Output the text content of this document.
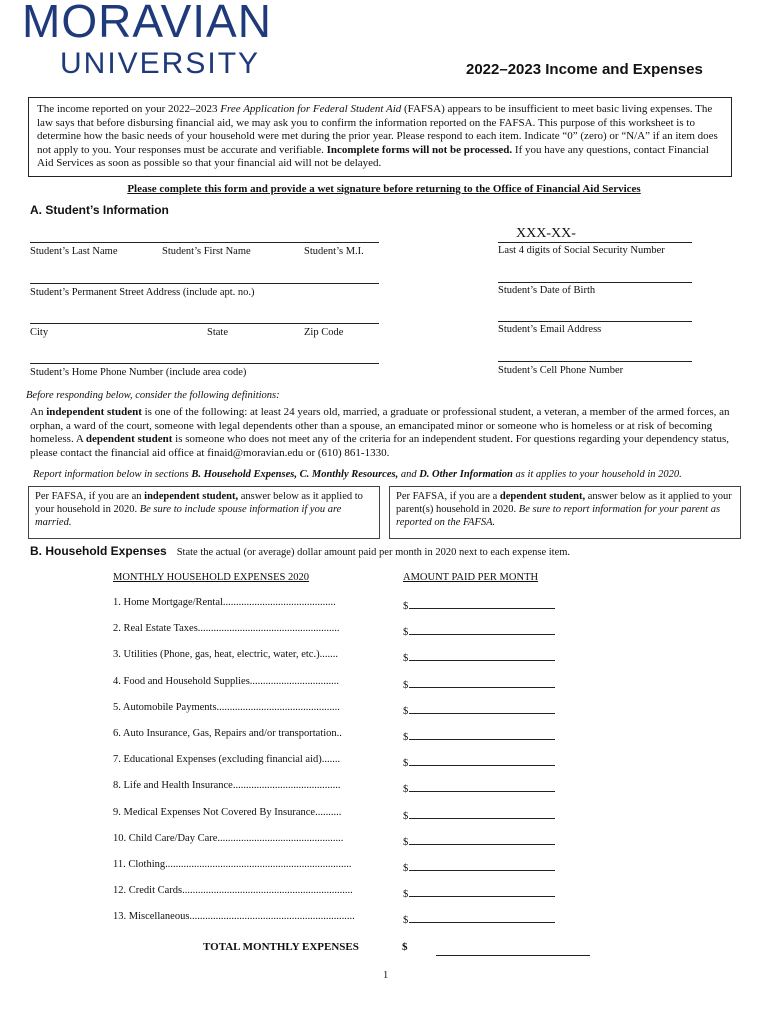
MORAVIAN
UNIVERSITY	2022–2023 Income and Expenses
The income reported on your 2022–2023 Free Application for Federal Student Aid (FAFSA) appears to be insufficient to meet basic living expenses. The law says that before disbursing financial aid, we may ask you to confirm the information reported on the FAFSA. This purpose of this worksheet is to determine how the basic needs of your household were met during the prior year. Please respond to each item. Indicate “0” (zero) or “N/A” if an item does not apply to you. Your responses must be accurate and verifiable. Incomplete forms will not be processed. If you have any questions, contact Financial Aid Services as soon as possible so that your financial aid will not be delayed.
Please complete this form and provide a wet signature before returning to the Office of Financial Aid Services
A. Student’s Information
XXX-XX-
Student’s Last Name	Student’s First Name	Student’s M.I.	Last 4 digits of Social Security Number
Student’s Permanent Street Address (include apt. no.)	Student’s Date of Birth
City	State	Zip Code	Student’s Email Address
Student’s Home Phone Number (include area code)	Student’s Cell Phone Number
Before responding below, consider the following definitions:
An independent student is one of the following: at least 24 years old, married, a graduate or professional student, a veteran, a member of the armed forces, an orphan, a ward of the court, someone with legal dependents other than a spouse, an emancipated minor or someone who is homeless or at risk of becoming homeless. A dependent student is someone who does not meet any of the criteria for an independent student. For questions regarding your dependency status, please contact the financial aid office at finaid@moravian.edu or (610) 861-1330.
Report information below in sections B. Household Expenses, C. Monthly Resources, and D. Other Information as it applies to your household in 2020.
Per FAFSA, if you are an independent student, answer below as it applied to your household in 2020. Be sure to include spouse information if you are married.
Per FAFSA, if you are a dependent student, answer below as it applied to your parent(s) household in 2020. Be sure to report information for your parent as reported on the FAFSA.
B. Household Expenses State the actual (or average) dollar amount paid per month in 2020 next to each expense item.
MONTHLY HOUSEHOLD EXPENSES 2020	AMOUNT PAID PER MONTH
1. Home Mortgage/Rental...........................................	$
2. Real Estate Taxes......................................................	$
3. Utilities (Phone, gas, heat, electric, water, etc.).......	$
4. Food and Household Supplies..................................	$
5. Automobile Payments...............................................	$
6. Auto Insurance, Gas, Repairs and/or transportation..	$
7. Educational Expenses (excluding financial aid).......	$
8. Life and Health Insurance.........................................	$
9. Medical Expenses Not Covered By Insurance..........	$
10. Child Care/Day Care................................................	$
11. Clothing.......................................................................	$
12. Credit Cards.................................................................	$
13. Miscellaneous...............................................................	$
TOTAL MONTHLY EXPENSES	$
1
